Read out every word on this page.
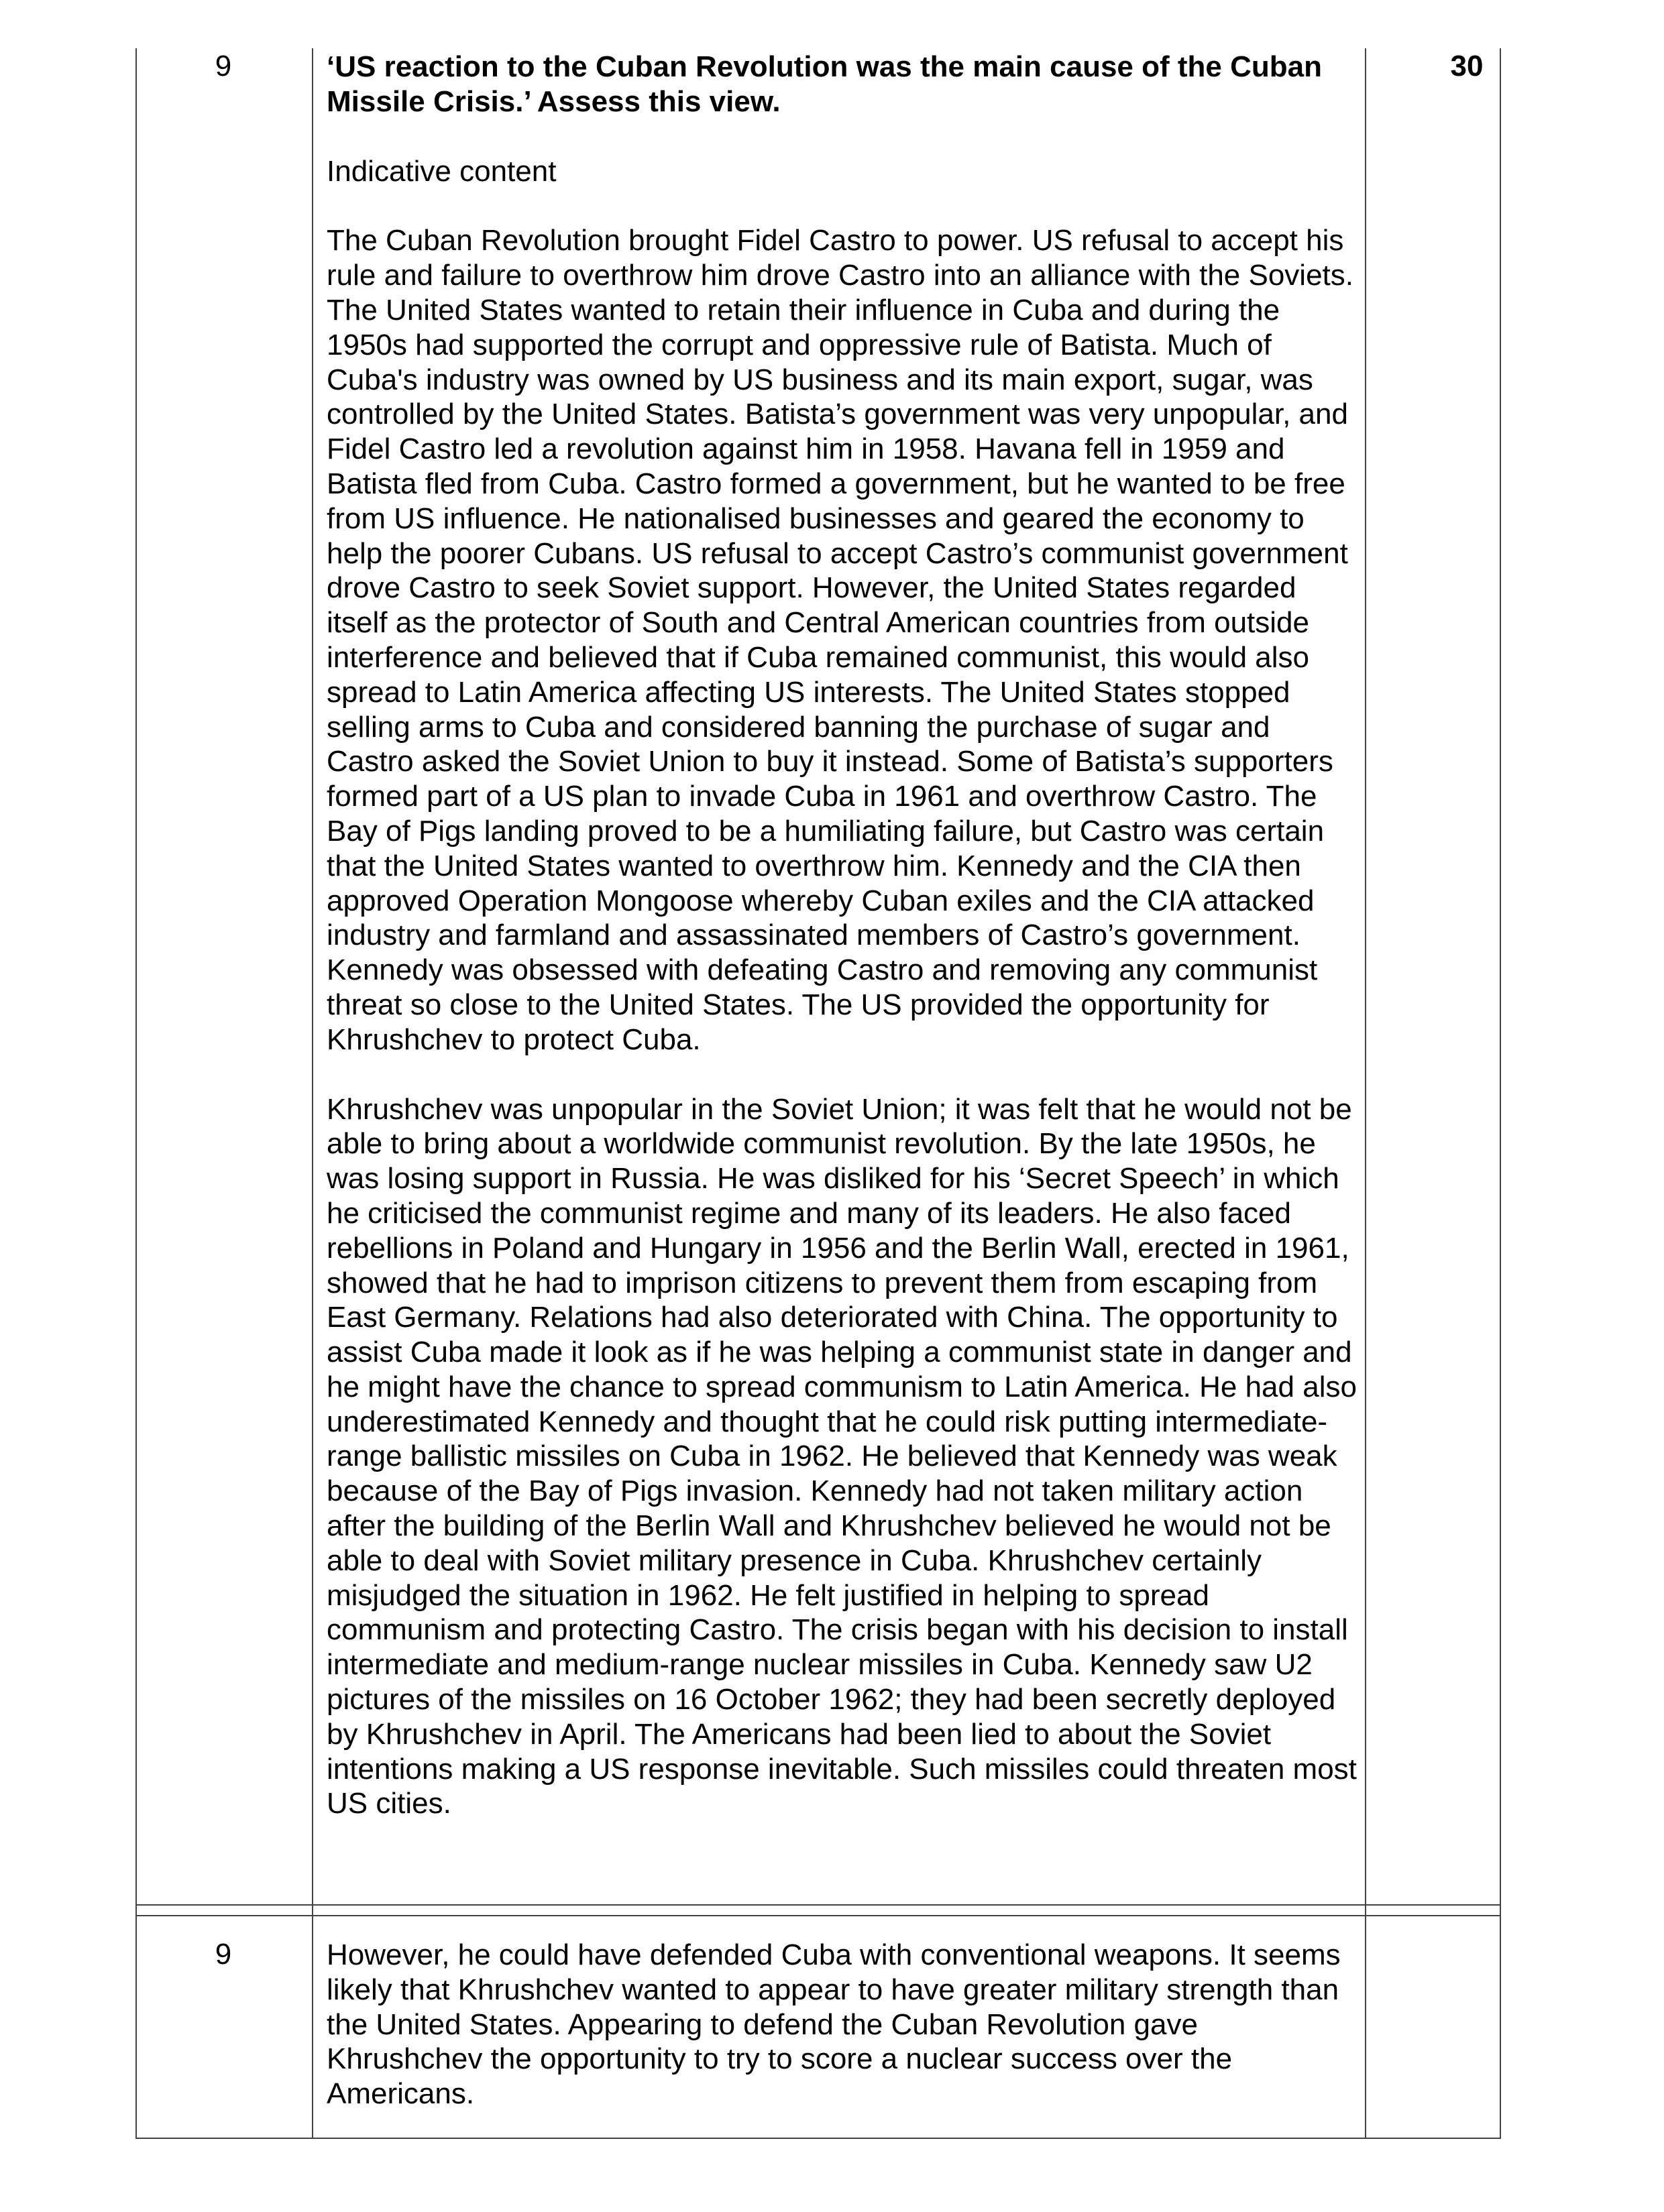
9	30

‘US reaction to the Cuban Revolution was the main cause of the Cuban Missile Crisis.’ Assess this view.

Indicative content

The Cuban Revolution brought Fidel Castro to power. US refusal to accept his rule and failure to overthrow him drove Castro into an alliance with the Soviets. The United States wanted to retain their influence in Cuba and during the 1950s had supported the corrupt and oppressive rule of Batista. Much of Cuba's industry was owned by US business and its main export, sugar, was controlled by the United States. Batista’s government was very unpopular, and Fidel Castro led a revolution against him in 1958. Havana fell in 1959 and Batista fled from Cuba. Castro formed a government, but he wanted to be free from US influence. He nationalised businesses and geared the economy to help the poorer Cubans. US refusal to accept Castro’s communist government drove Castro to seek Soviet support. However, the United States regarded itself as the protector of South and Central American countries from outside interference and believed that if Cuba remained communist, this would also spread to Latin America affecting US interests. The United States stopped selling arms to Cuba and considered banning the purchase of sugar and Castro asked the Soviet Union to buy it instead. Some of Batista’s supporters formed part of a US plan to invade Cuba in 1961 and overthrow Castro. The Bay of Pigs landing proved to be a humiliating failure, but Castro was certain that the United States wanted to overthrow him. Kennedy and the CIA then approved Operation Mongoose whereby Cuban exiles and the CIA attacked industry and farmland and assassinated members of Castro’s government. Kennedy was obsessed with defeating Castro and removing any communist threat so close to the United States. The US provided the opportunity for Khrushchev to protect Cuba.

Khrushchev was unpopular in the Soviet Union; it was felt that he would not be able to bring about a worldwide communist revolution. By the late 1950s, he was losing support in Russia. He was disliked for his ‘Secret Speech’ in which he criticised the communist regime and many of its leaders. He also faced rebellions in Poland and Hungary in 1956 and the Berlin Wall, erected in 1961, showed that he had to imprison citizens to prevent them from escaping from East Germany. Relations had also deteriorated with China. The opportunity to assist Cuba made it look as if he was helping a communist state in danger and he might have the chance to spread communism to Latin America. He had also underestimated Kennedy and thought that he could risk putting intermediate-range ballistic missiles on Cuba in 1962. He believed that Kennedy was weak because of the Bay of Pigs invasion. Kennedy had not taken military action after the building of the Berlin Wall and Khrushchev believed he would not be able to deal with Soviet military presence in Cuba. Khrushchev certainly misjudged the situation in 1962. He felt justified in helping to spread communism and protecting Castro. The crisis began with his decision to install intermediate and medium-range nuclear missiles in Cuba. Kennedy saw U2 pictures of the missiles on 16 October 1962; they had been secretly deployed by Khrushchev in April. The Americans had been lied to about the Soviet intentions making a US response inevitable. Such missiles could threaten most US cities.

9	However, he could have defended Cuba with conventional weapons. It seems likely that Khrushchev wanted to appear to have greater military strength than the United States. Appearing to defend the Cuban Revolution gave Khrushchev the opportunity to try to score a nuclear success over the Americans.
